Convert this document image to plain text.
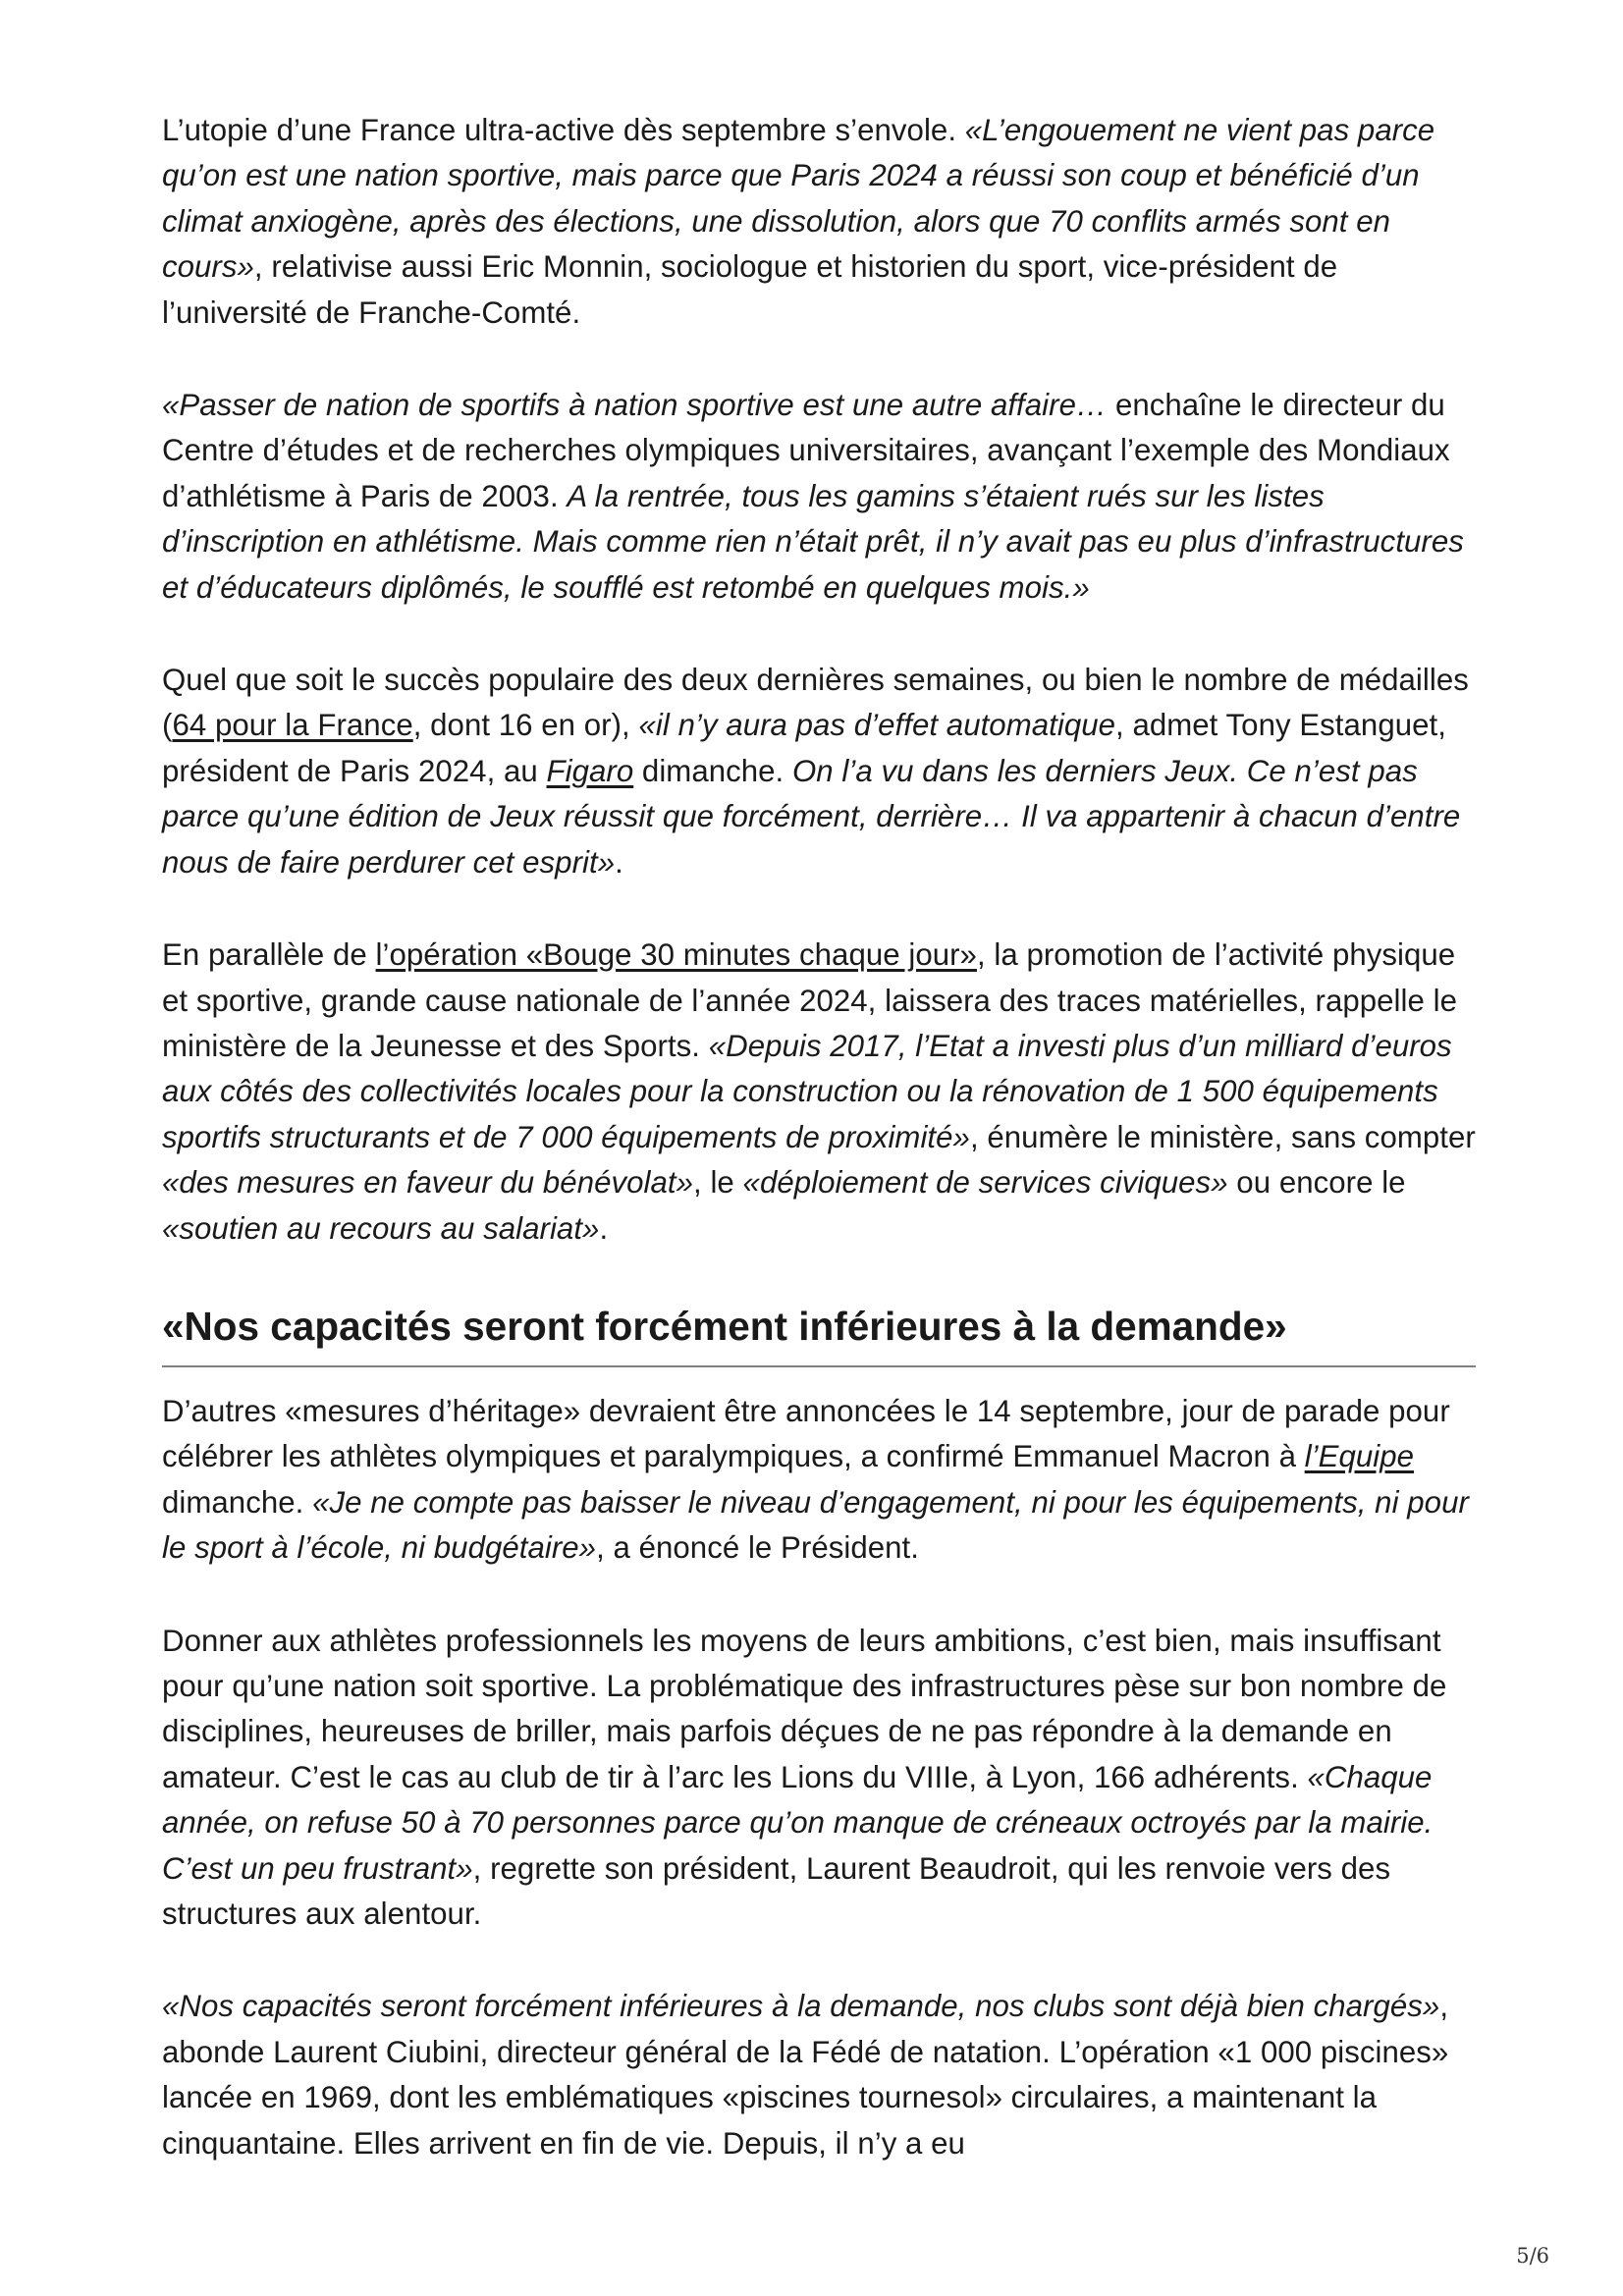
L’utopie d’une France ultra-active dès septembre s’envole. «L’engouement ne vient pas parce qu’on est une nation sportive, mais parce que Paris 2024 a réussi son coup et bénéficié d’un climat anxiogène, après des élections, une dissolution, alors que 70 conflits armés sont en cours», relativise aussi Eric Monnin, sociologue et historien du sport, vice-président de l’université de Franche-Comté.

«Passer de nation de sportifs à nation sportive est une autre affaire… enchaîne le directeur du Centre d’études et de recherches olympiques universitaires, avançant l’exemple des Mondiaux d’athlétisme à Paris de 2003. A la rentrée, tous les gamins s’étaient rués sur les listes d’inscription en athlétisme. Mais comme rien n’était prêt, il n’y avait pas eu plus d’infrastructures et d’éducateurs diplômés, le soufflé est retombé en quelques mois.»

Quel que soit le succès populaire des deux dernières semaines, ou bien le nombre de médailles (64 pour la France, dont 16 en or), «il n’y aura pas d’effet automatique, admet Tony Estanguet, président de Paris 2024, au Figaro dimanche. On l’a vu dans les derniers Jeux. Ce n’est pas parce qu’une édition de Jeux réussit que forcément, derrière… Il va appartenir à chacun d’entre nous de faire perdurer cet esprit».

En parallèle de l’opération «Bouge 30 minutes chaque jour», la promotion de l’activité physique et sportive, grande cause nationale de l’année 2024, laissera des traces matérielles, rappelle le ministère de la Jeunesse et des Sports. «Depuis 2017, l’Etat a investi plus d’un milliard d’euros aux côtés des collectivités locales pour la construction ou la rénovation de 1 500 équipements sportifs structurants et de 7 000 équipements de proximité», énumère le ministère, sans compter «des mesures en faveur du bénévolat», le «déploiement de services civiques» ou encore le «soutien au recours au salariat».

«Nos capacités seront forcément inférieures à la demande»

D’autres «mesures d’héritage» devraient être annoncées le 14 septembre, jour de parade pour célébrer les athlètes olympiques et paralympiques, a confirmé Emmanuel Macron à l’Equipe dimanche. «Je ne compte pas baisser le niveau d’engagement, ni pour les équipements, ni pour le sport à l’école, ni budgétaire», a énoncé le Président.

Donner aux athlètes professionnels les moyens de leurs ambitions, c’est bien, mais insuffisant pour qu’une nation soit sportive. La problématique des infrastructures pèse sur bon nombre de disciplines, heureuses de briller, mais parfois déçues de ne pas répondre à la demande en amateur. C’est le cas au club de tir à l’arc les Lions du VIIIe, à Lyon, 166 adhérents. «Chaque année, on refuse 50 à 70 personnes parce qu’on manque de créneaux octroyés par la mairie. C’est un peu frustrant», regrette son président, Laurent Beaudroit, qui les renvoie vers des structures aux alentour.

«Nos capacités seront forcément inférieures à la demande, nos clubs sont déjà bien chargés», abonde Laurent Ciubini, directeur général de la Fédé de natation. L’opération «1 000 piscines» lancée en 1969, dont les emblématiques «piscines tournesol» circulaires, a maintenant la cinquantaine. Elles arrivent en fin de vie. Depuis, il n’y a eu

5/6
